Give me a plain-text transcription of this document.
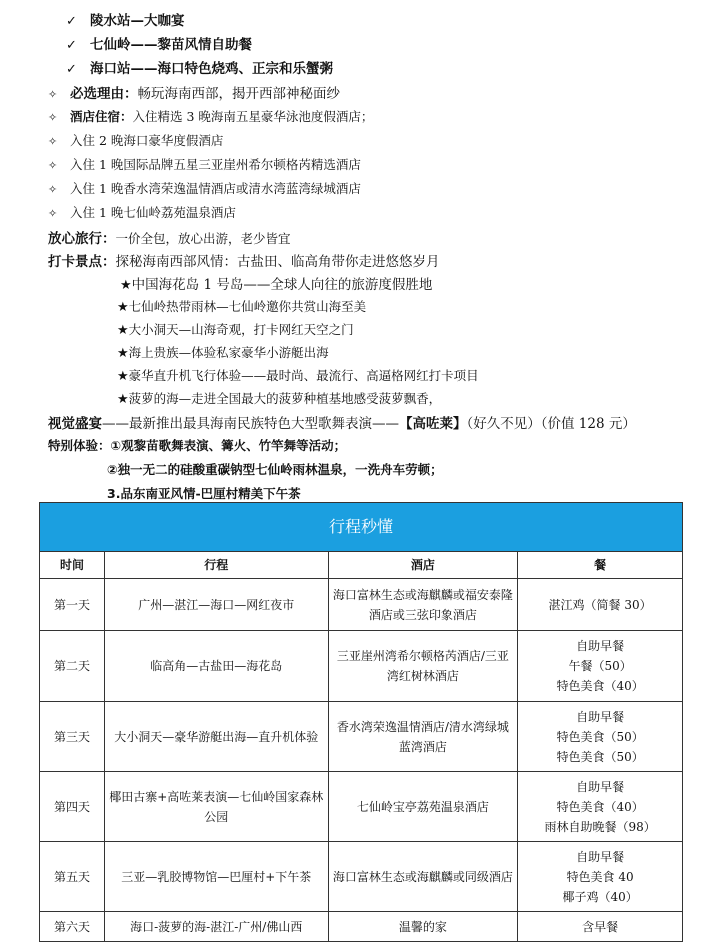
✓ 陵水站—大咖宴
✓ 七仙岭——黎苗风情自助餐
✓ 海口站——海口特色烧鸡、正宗和乐蟹粥
✧ 必选理由：畅玩海南西部，揭开西部神秘面纱
✧ 酒店住宿：入住精选 3 晚海南五星豪华泳池度假酒店；
✧ 入住 2 晚海口豪华度假酒店
✧ 入住 1 晚国际品牌五星三亚崖州希尔顿格芮精选酒店
✧ 入住 1 晚香水湾荣逸温情酒店或清水湾蓝湾绿城酒店
✧ 入住 1 晚七仙岭荔苑温泉酒店
放心旅行：一价全包，放心出游，老少皆宜
打卡景点：探秘海南西部风情：古盐田、临高角带你走进悠悠岁月
★中国海花岛 1 号岛——全球人向往的旅游度假胜地
★七仙岭热带雨林—七仙岭邀你共赏山海至美
★大小洞天—山海奇观，打卡网红天空之门
★海上贵族—体验私家豪华小游艇出海
★豪华直升机飞行体验——最时尚、最流行、高逼格网红打卡项目
★菠萝的海—走进全国最大的菠萝种植基地感受菠萝飘香，
视觉盛宴——最新推出最具海南民族特色大型歌舞表演——【高咗莱】（好久不见）（价值 128 元）
特别体验：①观黎苗歌舞表演、篝火、竹竿舞等活动；
②独一无二的硅酸重碳钠型七仙岭雨林温泉，一洗舟车劳顿；
3.品东南亚风情-巴厘村精美下午茶
行程秒懂			
时间	行程	酒店	餐
第一天	广州—湛江—海口—网红夜市	海口富林生态或海麒麟或福安泰隆酒店或三弦印象酒店	湛江鸡（简餐 30）

第二天	临高角—古盐田—海花岛	三亚崖州湾希尔顿格芮酒店/三亚湾红树林酒店	自助早餐
午餐（50）
特色美食（40）

第三天	大小洞天—豪华游艇出海—直升机体验	香水湾荣逸温情酒店/清水湾绿城蓝湾酒店	自助早餐
特色美食（50）
特色美食（50）

第四天	椰田古寨+高咗莱表演—七仙岭国家森林公园	七仙岭宝亭荔苑温泉酒店	自助早餐
特色美食（40）
雨林自助晚餐（98）

第五天	三亚—乳胶博物馆—巴厘村+下午茶	海口富林生态或海麒麟或同级酒店	自助早餐
特色美食 40
椰子鸡（40）

第六天	海口-菠萝的海-湛江-广州/佛山西	温馨的家	含早餐
